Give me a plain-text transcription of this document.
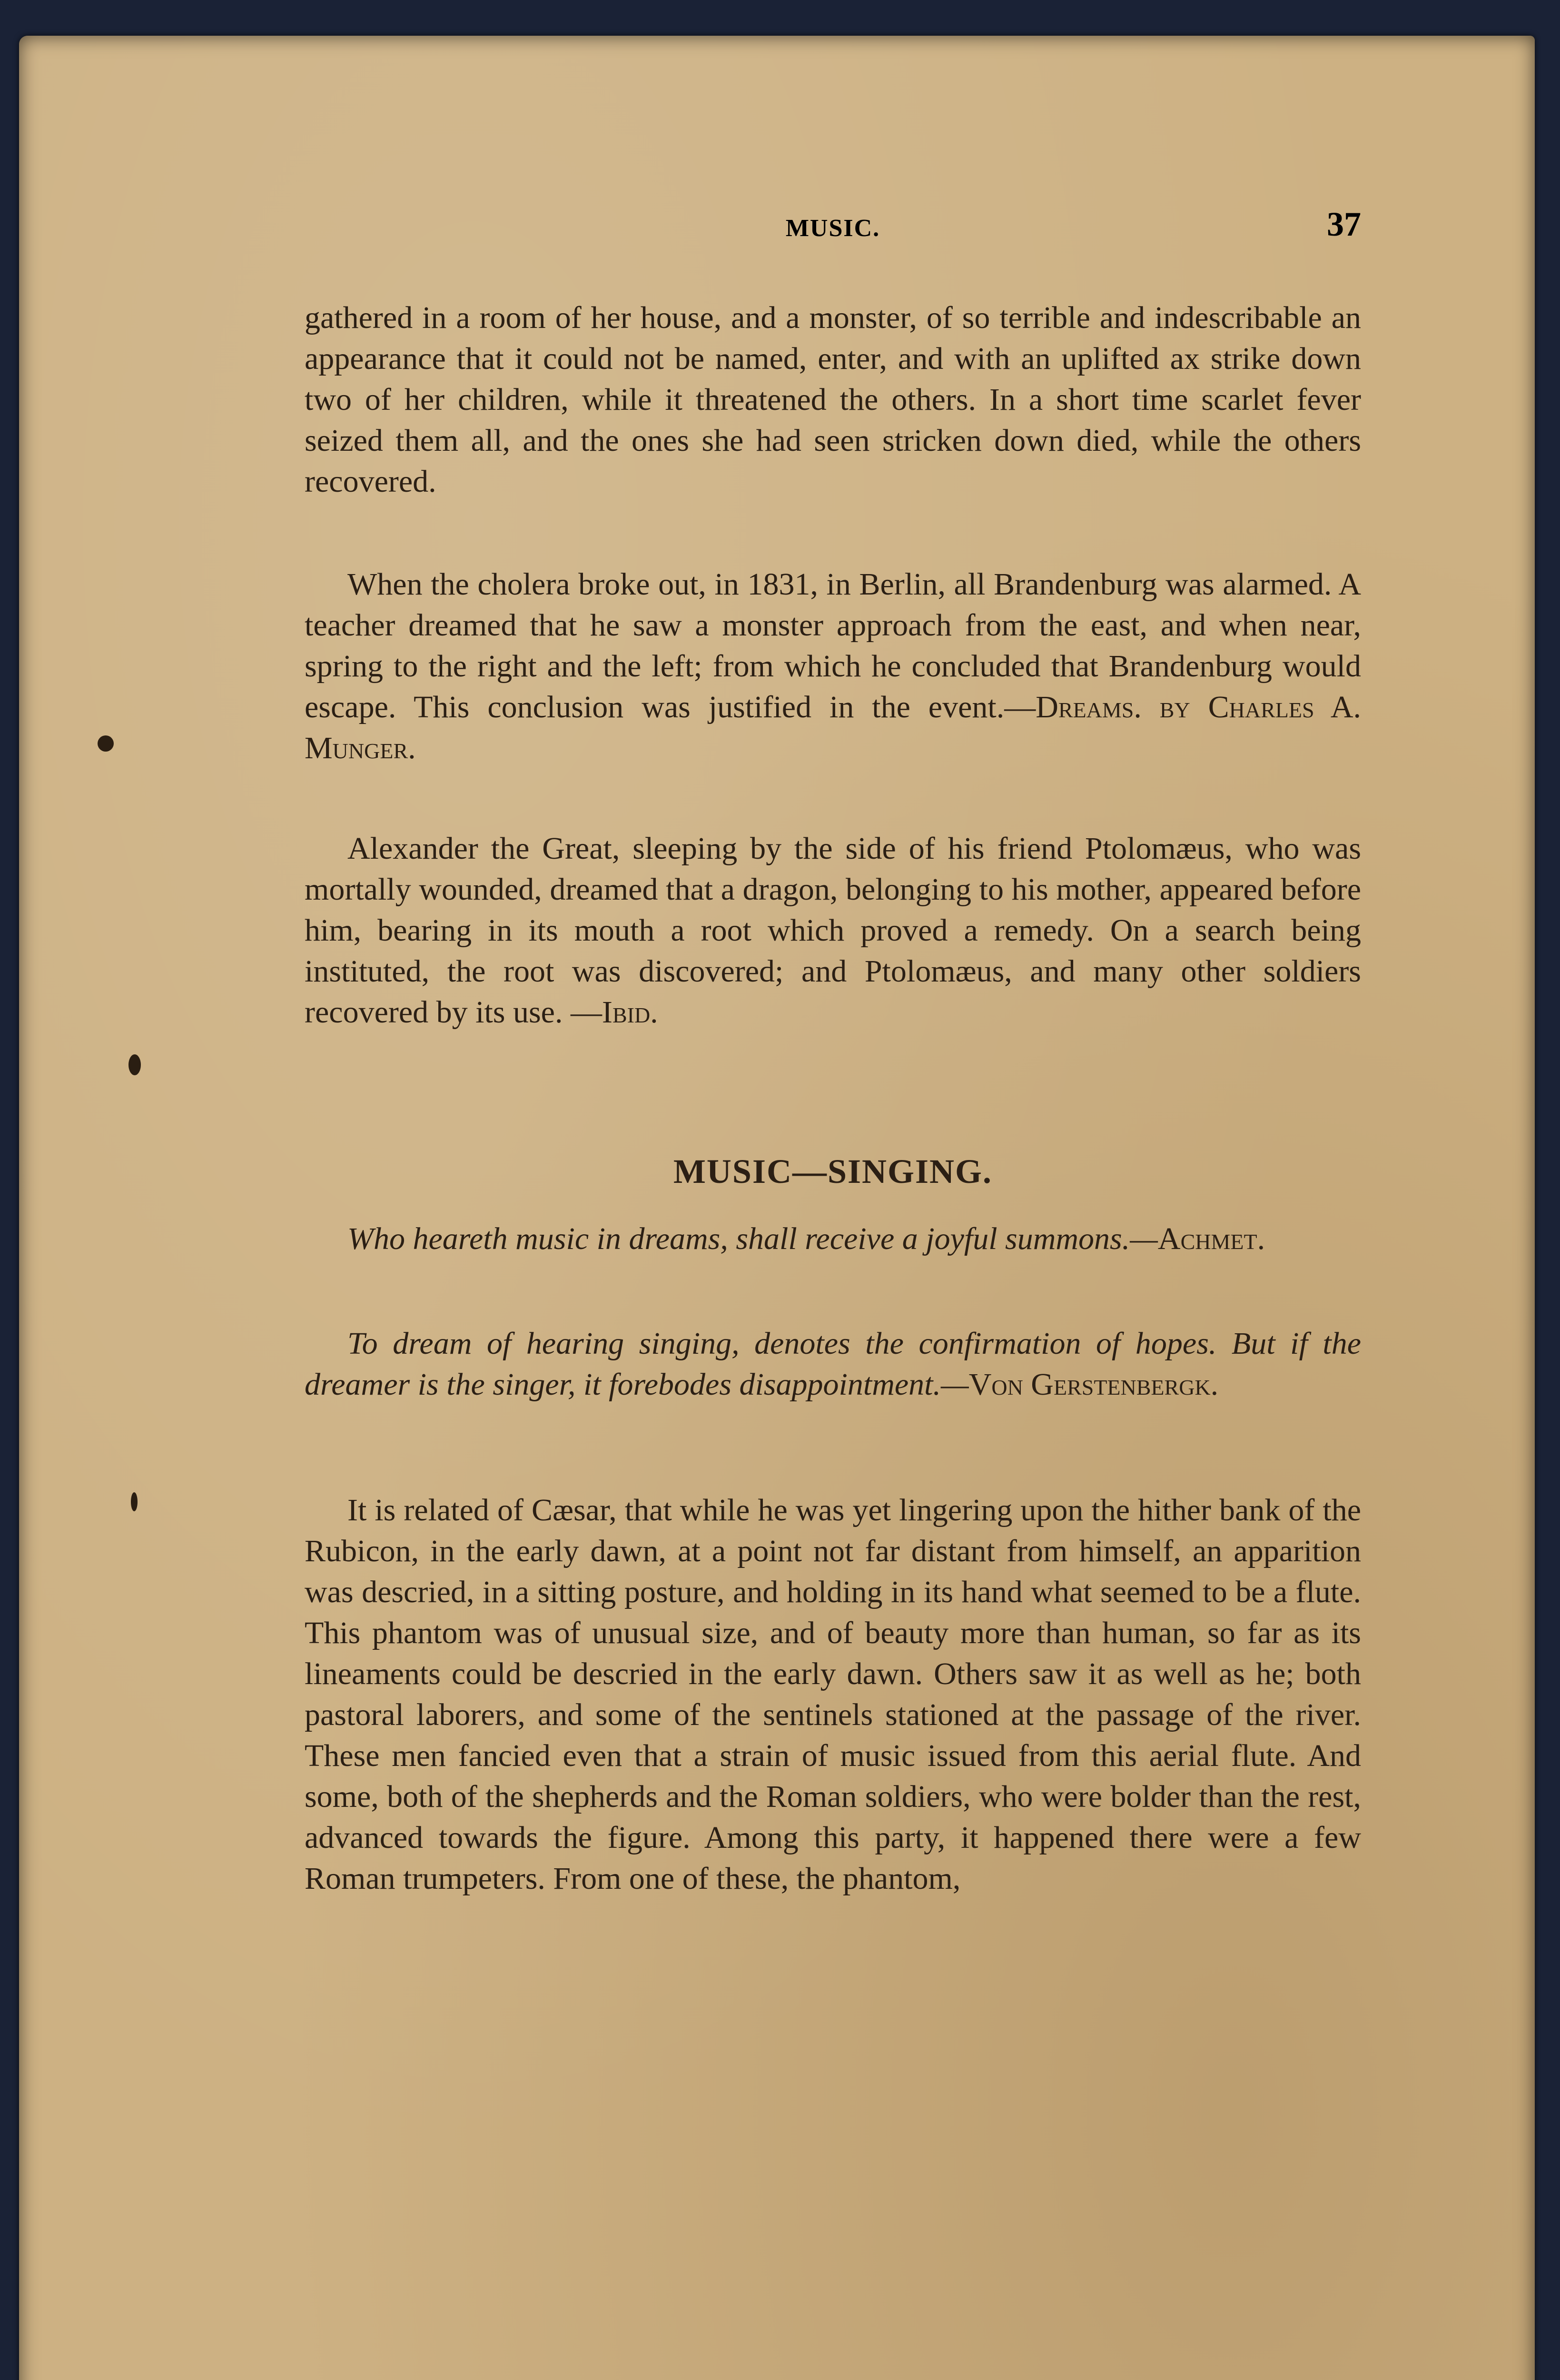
MUSIC.	37

gathered in a room of her house, and a monster, of so terrible and indescribable an appearance that it could not be named, enter, and with an uplifted ax strike down two of her children, while it threatened the others. In a short time scarlet fever seized them all, and the ones she had seen stricken down died, while the others recovered.

When the cholera broke out, in 1831, in Berlin, all Brandenburg was alarmed. A teacher dreamed that he saw a monster approach from the east, and when near, spring to the right and the left; from which he concluded that Brandenburg would escape. This conclusion was justified in the event.—Dreams. by Charles A. Munger.

Alexander the Great, sleeping by the side of his friend Ptolomæus, who was mortally wounded, dreamed that a dragon, belonging to his mother, appeared before him, bearing in its mouth a root which proved a remedy. On a search being instituted, the root was discovered; and Ptolomæus, and many other soldiers recovered by its use. —Ibid.

MUSIC—SINGING.

Who heareth music in dreams, shall receive a joyful summons.—Achmet.

To dream of hearing singing, denotes the confirmation of hopes. But if the dreamer is the singer, it forebodes disappointment.—Von Gerstenbergk.

It is related of Cæsar, that while he was yet lingering upon the hither bank of the Rubicon, in the early dawn, at a point not far distant from himself, an apparition was descried, in a sitting posture, and holding in its hand what seemed to be a flute. This phantom was of unusual size, and of beauty more than human, so far as its lineaments could be descried in the early dawn. Others saw it as well as he; both pastoral laborers, and some of the sentinels stationed at the passage of the river. These men fancied even that a strain of music issued from this aerial flute. And some, both of the shepherds and the Roman soldiers, who were bolder than the rest, advanced towards the figure. Among this party, it happened there were a few Roman trumpeters. From one of these, the phantom,
